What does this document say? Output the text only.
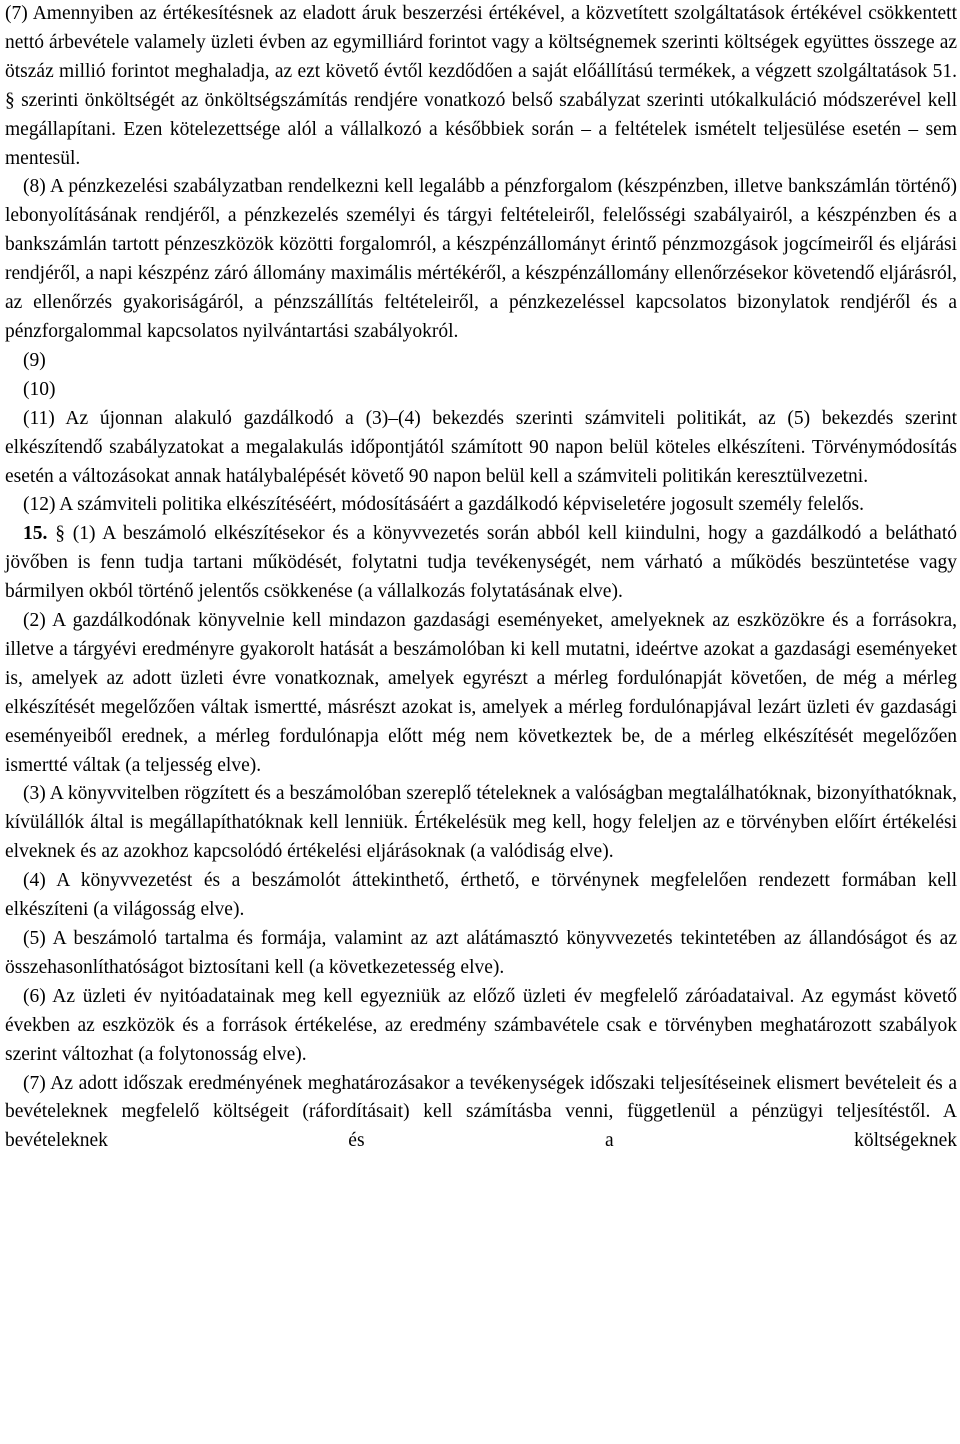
(7) Amennyiben az értékesítésnek az eladott áruk beszerzési értékével, a közvetített szolgáltatások értékével csökkentett nettó árbevétele valamely üzleti évben az egymilliárd forintot vagy a költségnemek szerinti költségek együttes összege az ötszáz millió forintot meghaladja, az ezt követő évtől kezdődően a saját előállítású termékek, a végzett szolgáltatások 51. § szerinti önköltségét az önköltségszámítás rendjére vonatkozó belső szabályzat szerinti utókalkuláció módszerével kell megállapítani. Ezen kötelezettsége alól a vállalkozó a későbbiek során – a feltételek ismételt teljesülése esetén – sem mentesül.

(8) A pénzkezelési szabályzatban rendelkezni kell legalább a pénzforgalom (készpénzben, illetve bankszámlán történő) lebonyolításának rendjéről, a pénzkezelés személyi és tárgyi feltételeiről, felelősségi szabályairól, a készpénzben és a bankszámlán tartott pénzeszközök közötti forgalomról, a készpénzállományt érintő pénzmozgások jogcímeiről és eljárási rendjéről, a napi készpénz záró állomány maximális mértékéről, a készpénzállomány ellenőrzésekor követendő eljárásról, az ellenőrzés gyakoriságáról, a pénzszállítás feltételeiről, a pénzkezeléssel kapcsolatos bizonylatok rendjéről és a pénzforgalommal kapcsolatos nyilvántartási szabályokról.

(9)

(10)

(11) Az újonnan alakuló gazdálkodó a (3)–(4) bekezdés szerinti számviteli politikát, az (5) bekezdés szerint elkészítendő szabályzatokat a megalakulás időpontjától számított 90 napon belül köteles elkészíteni. Törvénymódosítás esetén a változásokat annak hatálybalépését követő 90 napon belül kell a számviteli politikán keresztülvezetni.

(12) A számviteli politika elkészítéséért, módosításáért a gazdálkodó képviseletére jogosult személy felelős.

15. § (1) A beszámoló elkészítésekor és a könyvvezetés során abból kell kiindulni, hogy a gazdálkodó a belátható jövőben is fenn tudja tartani működését, folytatni tudja tevékenységét, nem várható a működés beszüntetése vagy bármilyen okból történő jelentős csökkenése (a vállalkozás folytatásának elve).

(2) A gazdálkodónak könyvelnie kell mindazon gazdasági eseményeket, amelyeknek az eszközökre és a forrásokra, illetve a tárgyévi eredményre gyakorolt hatását a beszámolóban ki kell mutatni, ideértve azokat a gazdasági eseményeket is, amelyek az adott üzleti évre vonatkoznak, amelyek egyrészt a mérleg fordulónapját követően, de még a mérleg elkészítését megelőzően váltak ismertté, másrészt azokat is, amelyek a mérleg fordulónapjával lezárt üzleti év gazdasági eseményeiből erednek, a mérleg fordulónapja előtt még nem következtek be, de a mérleg elkészítését megelőzően ismertté váltak (a teljesség elve).

(3) A könyvvitelben rögzített és a beszámolóban szereplő tételeknek a valóságban megtalálhatóknak, bizonyíthatóknak, kívülállók által is megállapíthatóknak kell lenniük. Értékelésük meg kell, hogy feleljen az e törvényben előírt értékelési elveknek és az azokhoz kapcsolódó értékelési eljárásoknak (a valódiság elve).

(4) A könyvvezetést és a beszámolót áttekinthető, érthető, e törvénynek megfelelően rendezett formában kell elkészíteni (a világosság elve).

(5) A beszámoló tartalma és formája, valamint az azt alátámasztó könyvvezetés tekintetében az állandóságot és az összehasonlíthatóságot biztosítani kell (a következetesség elve).

(6) Az üzleti év nyitóadatainak meg kell egyezniük az előző üzleti év megfelelő záróadataival. Az egymást követő években az eszközök és a források értékelése, az eredmény számbavétele csak e törvényben meghatározott szabályok szerint változhat (a folytonosság elve).

(7) Az adott időszak eredményének meghatározásakor a tevékenységek időszaki teljesítéseinek elismert bevételeit és a bevételeknek megfelelő költségeit (ráfordításait) kell számításba venni, függetlenül a pénzügyi teljesítéstől. A bevételeknek és a költségeknek
